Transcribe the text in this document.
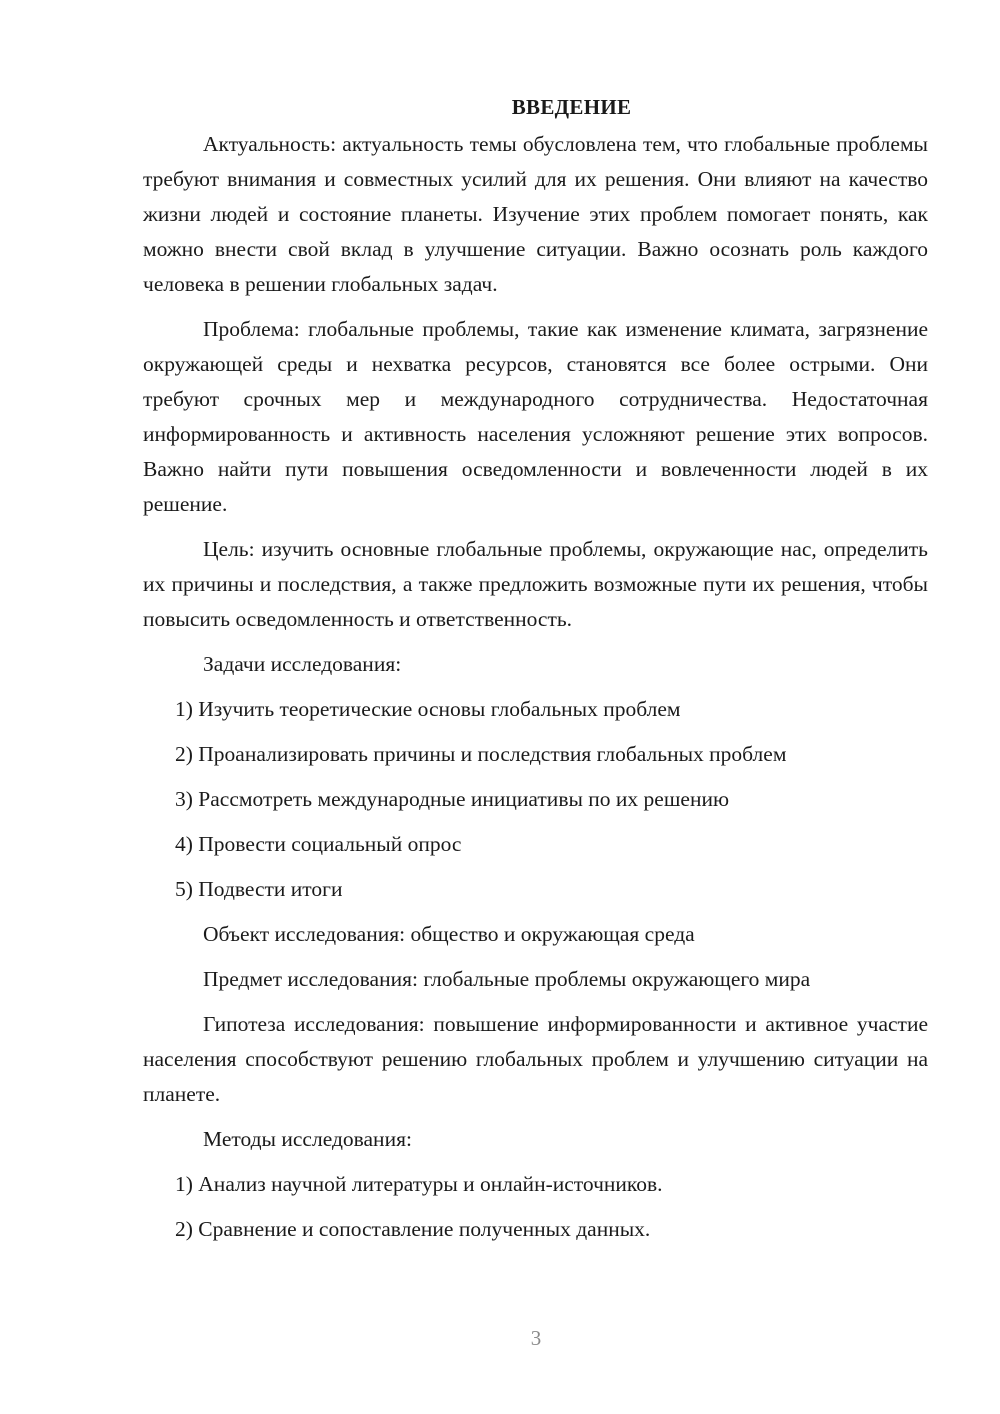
ВВЕДЕНИЕ
Актуальность: актуальность темы обусловлена тем, что глобальные проблемы требуют внимания и совместных усилий для их решения. Они влияют на качество жизни людей и состояние планеты. Изучение этих проблем помогает понять, как можно внести свой вклад в улучшение ситуации. Важно осознать роль каждого человека в решении глобальных задач.
Проблема: глобальные проблемы, такие как изменение климата, загрязнение окружающей среды и нехватка ресурсов, становятся все более острыми. Они требуют срочных мер и международного сотрудничества. Недостаточная информированность и активность населения усложняют решение этих вопросов. Важно найти пути повышения осведомленности и вовлеченности людей в их решение.
Цель: изучить основные глобальные проблемы, окружающие нас, определить их причины и последствия, а также предложить возможные пути их решения, чтобы повысить осведомленность и ответственность.
Задачи исследования:
1) Изучить теоретические основы глобальных проблем
2) Проанализировать причины и последствия глобальных проблем
3) Рассмотреть международные инициативы по их решению
4) Провести социальный опрос
5) Подвести итоги
Объект исследования: общество и окружающая среда
Предмет исследования: глобальные проблемы окружающего мира
Гипотеза исследования: повышение информированности и активное участие населения способствуют решению глобальных проблем и улучшению ситуации на планете.
Методы исследования:
1) Анализ научной литературы и онлайн-источников.
2) Сравнение и сопоставление полученных данных.
3
